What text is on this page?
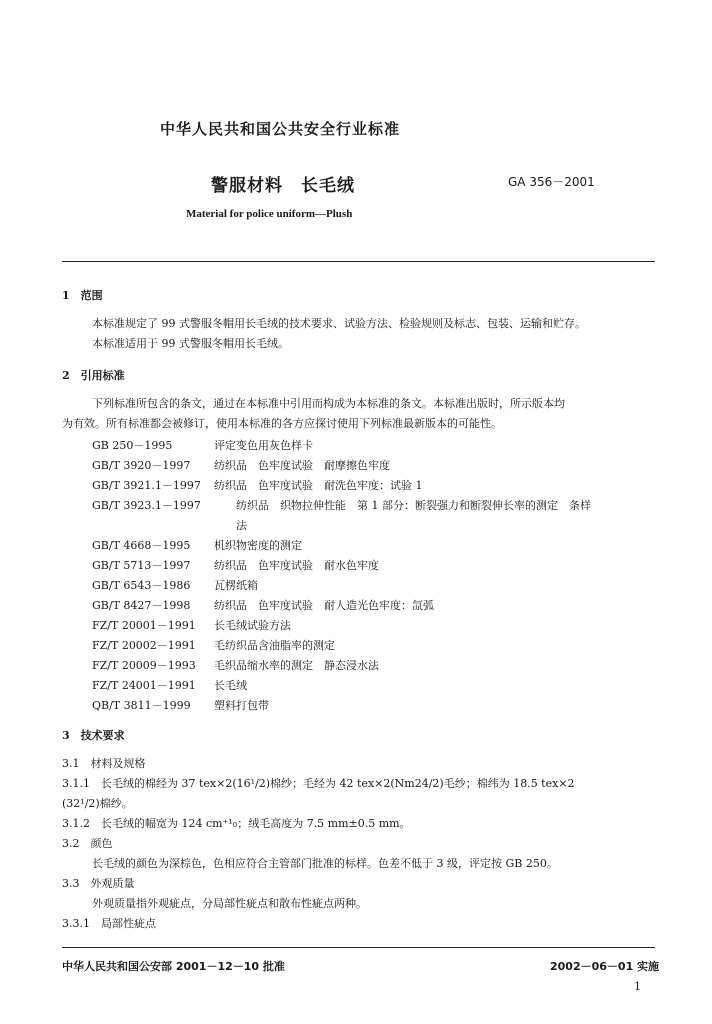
中华人民共和国公共安全行业标准
警服材料　长毛绒	GA 356－2001
Material for police uniform—Plush
1　范围
本标准规定了 99 式警服冬帽用长毛绒的技术要求、试验方法、检验规则及标志、包装、运输和贮存。
本标准适用于 99 式警服冬帽用长毛绒。
2　引用标准
下列标准所包含的条文，通过在本标准中引用而构成为本标准的条文。本标准出版时，所示版本均
为有效。所有标准都会被修订，使用本标准的各方应探讨使用下列标准最新版本的可能性。
GB 250－1995	评定变色用灰色样卡
GB/T 3920－1997 纺织品　色牢度试验　耐摩擦色牢度
GB/T 3921.1－1997 纺织品　色牢度试验　耐洗色牢度：试验 1
GB/T 3923.1－1997	纺织品　织物拉伸性能　第 1 部分：断裂强力和断裂伸长率的测定　条样
法
GB/T 4668－1995 机织物密度的测定
GB/T 5713－1997 纺织品　色牢度试验　耐水色牢度
GB/T 6543－1986 瓦楞纸箱
GB/T 8427－1998 纺织品　色牢度试验　耐人造光色牢度：氙弧
FZ/T 20001－1991 长毛绒试验方法
FZ/T 20002－1991 毛纺织品含油脂率的测定
FZ/T 20009－1993 毛织品缩水率的测定　静态浸水法
FZ/T 24001－1991 长毛绒
QB/T 3811－1999 塑料打包带
3　技术要求
3.1　材料及规格
3.1.1　长毛绒的棉经为 37 tex×2(16¹/2)棉纱；毛经为 42 tex×2(Nm24/2)毛纱；棉纬为 18.5 tex×2
(32¹/2)棉纱。
3.1.2　长毛绒的幅宽为 124 cm⁺¹₀；绒毛高度为 7.5 mm±0.5 mm。
3.2　颜色
长毛绒的颜色为深棕色，色相应符合主管部门批准的标样。色差不低于 3 级，评定按 GB 250。
3.3　外观质量
外观质量指外观疵点，分局部性疵点和散布性疵点两种。
3.3.1　局部性疵点
中华人民共和国公安部 2001－12－10 批准	2002－06－01 实施
1
